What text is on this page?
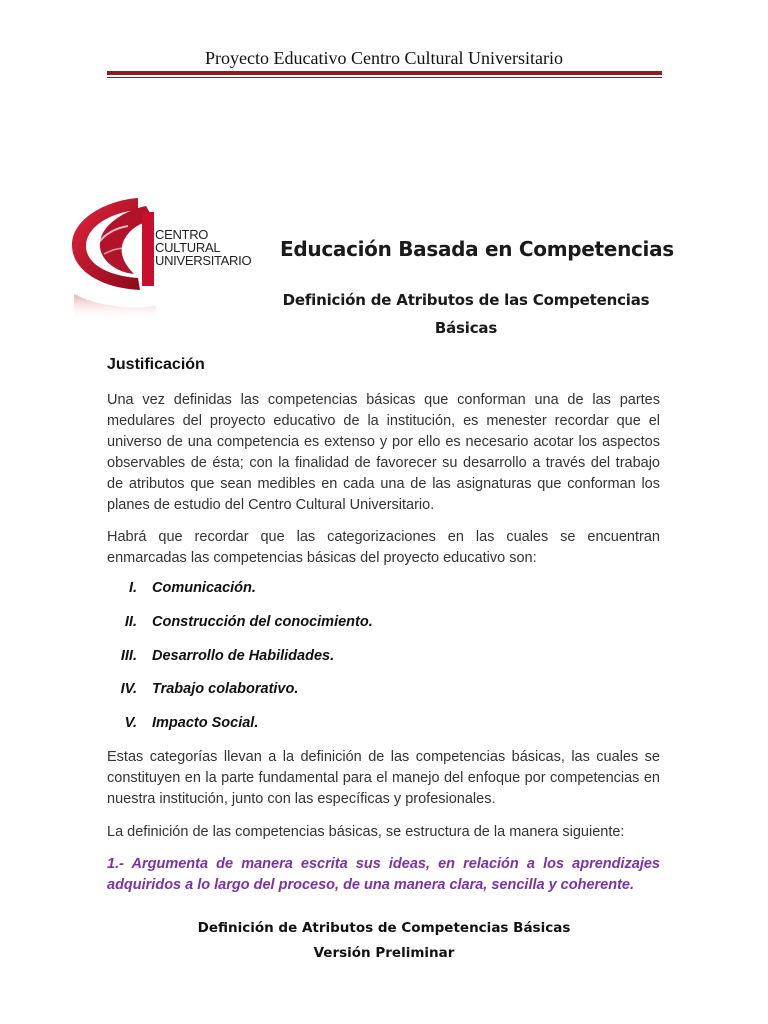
Proyecto Educativo Centro Cultural Universitario
CENTRO
CULTURAL
UNIVERSITARIO Educación Basada en Competencias
Definición de Atributos de las Competencias Básicas
Justificación

Una vez definidas las competencias básicas que conforman una de las partes medulares del proyecto educativo de la institución, es menester recordar que el universo de una competencia es extenso y por ello es necesario acotar los aspectos observables de ésta; con la finalidad de favorecer su desarrollo a través del trabajo de atributos que sean medibles en cada una de las asignaturas que conforman los planes de estudio del Centro Cultural Universitario.

Habrá que recordar que las categorizaciones en las cuales se encuentran enmarcadas las competencias básicas del proyecto educativo son:

I. Comunicación.
II. Construcción del conocimiento.
III. Desarrollo de Habilidades.
IV. Trabajo colaborativo.
V. Impacto Social.

Estas categorías llevan a la definición de las competencias básicas, las cuales se constituyen en la parte fundamental para el manejo del enfoque por competencias en nuestra institución, junto con las específicas y profesionales.

La definición de las competencias básicas, se estructura de la manera siguiente:

1.- Argumenta de manera escrita sus ideas, en relación a los aprendizajes adquiridos a lo largo del proceso, de una manera clara, sencilla y coherente.

Definición de Atributos de Competencias Básicas
Versión Preliminar
